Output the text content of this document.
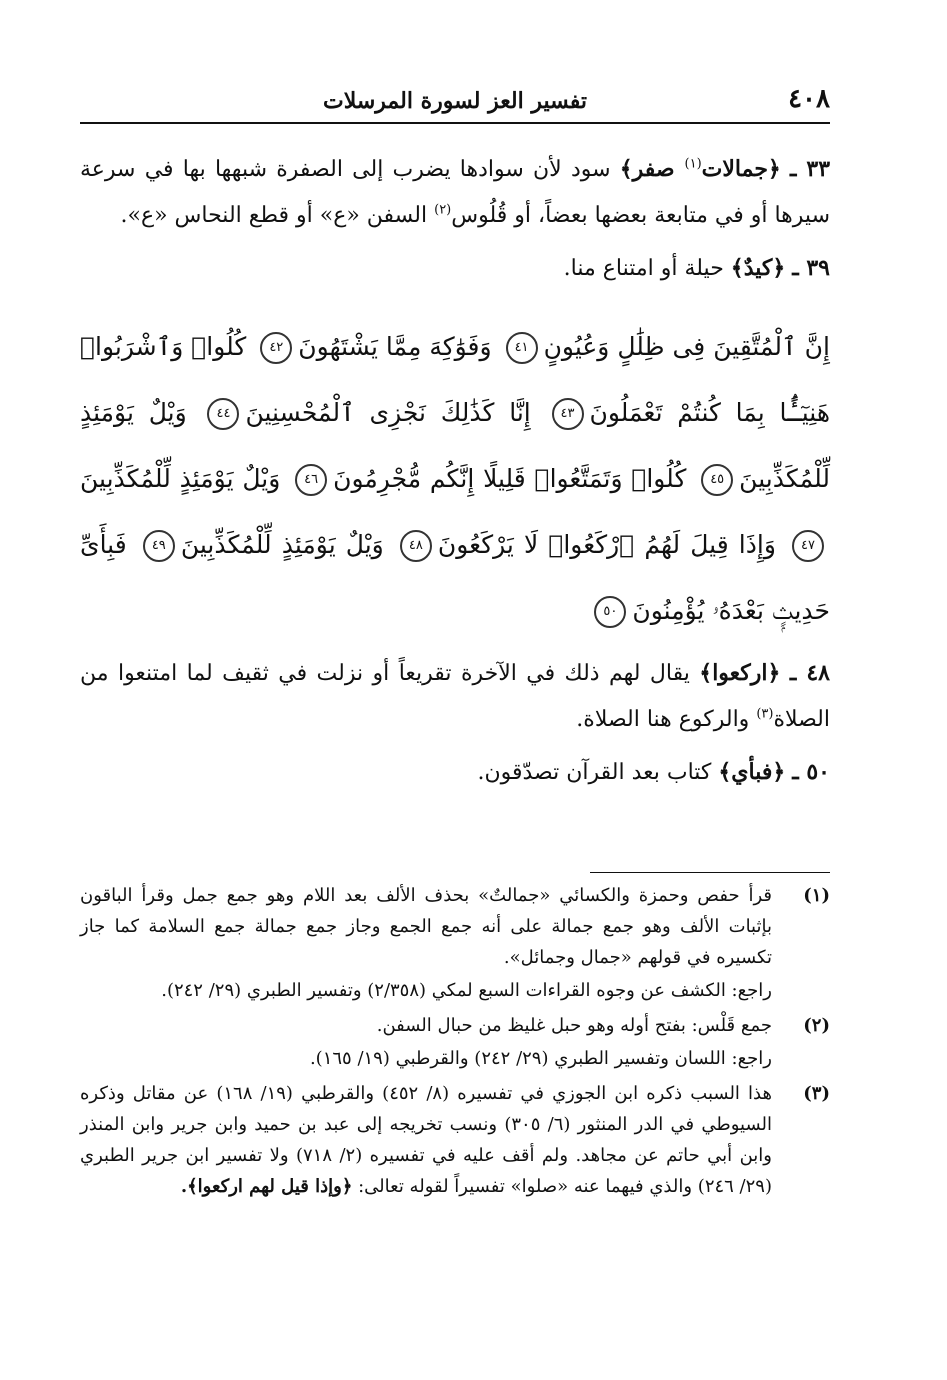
٤٠٨
تفسير العز لسورة المرسلات

٣٣ ـ ﴿جمالات$^{(١)}$ صفر﴾ سود لأن سوادها يضرب إلى الصفرة شبهها بها في سرعة سيرها أو في متابعة بعضها بعضاً، أو قُلُوس$^{(٢)}$ السفن «ع» أو قطع النحاس «ع».

٣٩ ـ ﴿كيدٌ﴾ حيلة أو امتناع منا.

إِنَّ ٱلْمُتَّقِينَ فِى ظِلَٰلٍ وَعُيُونٍ٤١ وَفَوَٰكِهَ مِمَّا يَشْتَهُونَ٤٢ كُلُوا۟ وَٱشْرَبُوا۟ هَنِيٓـًٔۢا بِمَا كُنتُمْ تَعْمَلُونَ٤٣ إِنَّا كَذَٰلِكَ نَجْزِى ٱلْمُحْسِنِينَ٤٤ وَيْلٌ يَوْمَئِذٍ لِّلْمُكَذِّبِينَ٤٥ كُلُوا۟ وَتَمَتَّعُوا۟ قَلِيلًا إِنَّكُم مُّجْرِمُونَ٤٦ وَيْلٌ يَوْمَئِذٍ لِّلْمُكَذِّبِينَ٤٧ وَإِذَا قِيلَ لَهُمُ ٱرْكَعُوا۟ لَا يَرْكَعُونَ٤٨ وَيْلٌ يَوْمَئِذٍ لِّلْمُكَذِّبِينَ٤٩ فَبِأَىِّ حَدِيثٍۭ بَعْدَهُۥ يُؤْمِنُونَ٥٠

٤٨ ـ ﴿اركعوا﴾ يقال لهم ذلك في الآخرة تقريعاً أو نزلت في ثقيف لما امتنعوا من الصلاة$^{(٣)}$ والركوع هنا الصلاة.

٥٠ ـ ﴿فبأي﴾ كتاب بعد القرآن تصدّقون.

(١)

قرأ حفص وحمزة والكسائي «جمالتٌ» بحذف الألف بعد اللام وهو جمع جمل وقرأ الباقون بإثبات الألف وهو جمع جمالة على أنه جمع الجمع وجاز جمع جمالة جمع السلامة كما جاز تكسيره في قولهم «جمال وجمائل».

راجع: الكشف عن وجوه القراءات السبع لمكي (٢/٣٥٨) وتفسير الطبري (٢٩/ ٢٤٢).

(٢)

جمع قَلْس: بفتح أوله وهو حبل غليظ من حبال السفن.

راجع: اللسان وتفسير الطبري (٢٩/ ٢٤٢) والقرطبي (١٩/ ١٦٥).

(٣)

هذا السبب ذكره ابن الجوزي في تفسيره (٨/ ٤٥٢) والقرطبي (١٩/ ١٦٨) عن مقاتل وذكره السيوطي في الدر المنثور (٦/ ٣٠٥) ونسب تخريجه إلى عبد بن حميد وابن جرير وابن المنذر وابن أبي حاتم عن مجاهد. ولم أقف عليه في تفسيره (٢/ ٧١٨) ولا تفسير ابن جرير الطبري (٢٩/ ٢٤٦) والذي فيهما عنه «صلوا» تفسيراً لقوله تعالى: ﴿وإذا قيل لهم اركعوا﴾.
